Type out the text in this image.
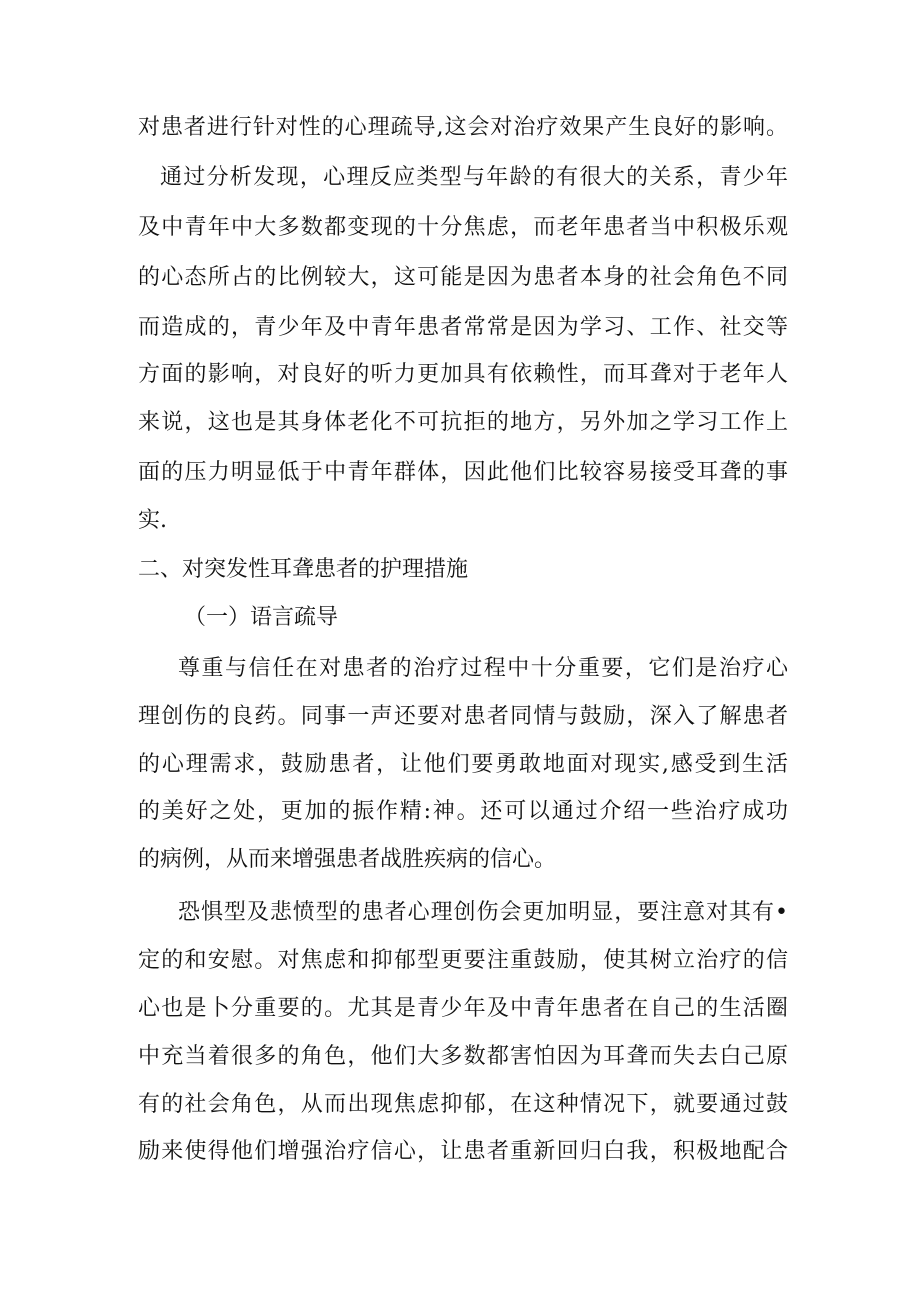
对患者进行针对性的心理疏导,这会对治疗效果产生良好的影响。
通过分析发现，心理反应类型与年龄的有很大的关系，青少年
及中青年中大多数都变现的十分焦虑，而老年患者当中积极乐观
的心态所占的比例较大，这可能是因为患者本身的社会角色不同
而造成的，青少年及中青年患者常常是因为学习、工作、社交等
方面的影响，对良好的听力更加具有依赖性，而耳聋对于老年人
来说，这也是其身体老化不可抗拒的地方，另外加之学习工作上
面的压力明显低于中青年群体，因此他们比较容易接受耳聋的事
实.
二、对突发性耳聋患者的护理措施
（一）语言疏导
尊重与信任在对患者的治疗过程中十分重要，它们是治疗心
理创伤的良药。同事一声还要对患者同情与鼓励，深入了解患者
的心理需求，鼓励患者，让他们要勇敢地面对现实,感受到生活
的美好之处，更加的振作精:神。还可以通过介绍一些治疗成功
的病例，从而来增强患者战胜疾病的信心。
恐惧型及悲愤型的患者心理创伤会更加明显，要注意对其有•
定的和安慰。对焦虑和抑郁型更要注重鼓励，使其树立治疗的信
心也是卜分重要的。尤其是青少年及中青年患者在自己的生活圈
中充当着很多的角色，他们大多数都害怕因为耳聋而失去白己原
有的社会角色，从而出现焦虑抑郁，在这种情况下，就要通过鼓
励来使得他们增强治疗信心，让患者重新回归白我，积极地配合
